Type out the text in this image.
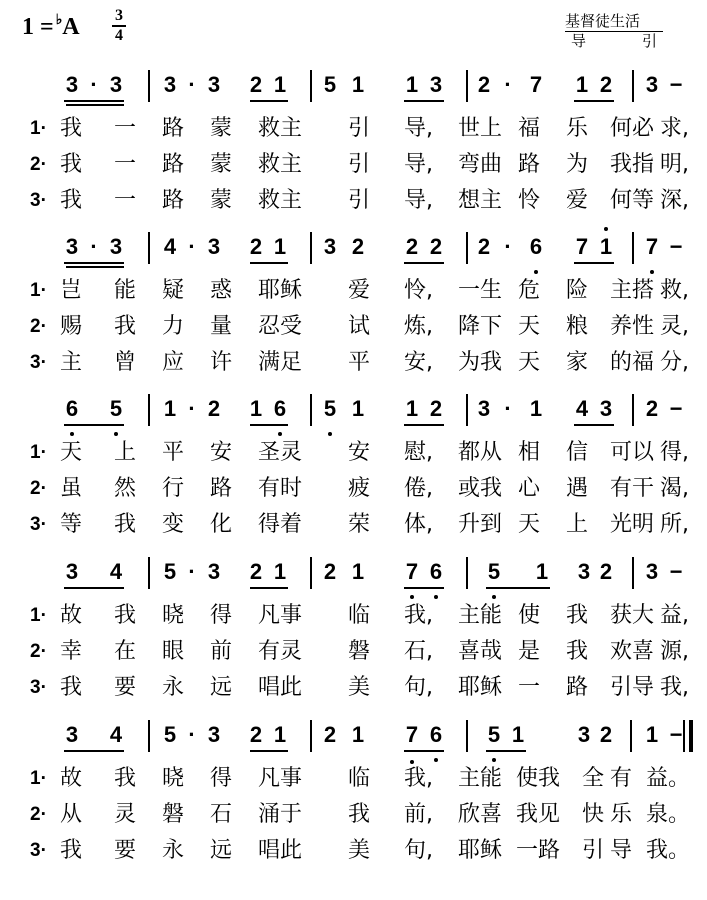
1 = ♭A 3
4
基督徒生活
导	引
3 · 3 3 · 3 2 1 5 1 1 3 2 · 7 1 2 3 −
1· 我 一 路 蒙 救主 引 导, 世上 福 乐 何必 求,
2· 我 一 路 蒙 救主 引 导, 弯曲 路 为 我指 明,
3· 我 一 路 蒙 救主 引 导, 想主 怜 爱 何等 深,
3 · 3 4 · 3 2 1 3 2 2 2 2 · 6 7 1 7 −
1· 岂 能 疑 惑 耶稣 爱 怜, 一生 危 险 主搭 救,
2· 赐 我 力 量 忍受 试 炼, 降下 天 粮 养性 灵,
3· 主 曾 应 许 满足 平 安, 为我 天 家 的福 分,
6 5 1 · 2 1 6 5 1 1 2 3 · 1 4 3 2 −
1· 天 上 平 安 圣灵 安 慰, 都从 相 信 可以 得,
2· 虽 然 行 路 有时 疲 倦, 或我 心 遇 有干 渴,
3· 等 我 变 化 得着 荣 体, 升到 天 上 光明 所,
3 4 5 · 3 2 1 2 1 7 6 5 1 3 2 3 −
1· 故 我 晓 得 凡事 临 我, 主能 使 我 获大 益,
2· 幸 在 眼 前 有灵 磐 石, 喜哉 是 我 欢喜 源,
3· 我 要 永 远 唱此 美 句, 耶稣 一 路 引导 我,
3 4 5 · 3 2 1 2 1 7 6 5 1 3 2 1 −
1· 故 我 晓 得 凡事 临 我, 主能 使我 全 有 益。
2· 从 灵 磐 石 涌于 我 前, 欣喜 我见 快 乐 泉。
3· 我 要 永 远 唱此 美 句, 耶稣 一路 引 导 我。
